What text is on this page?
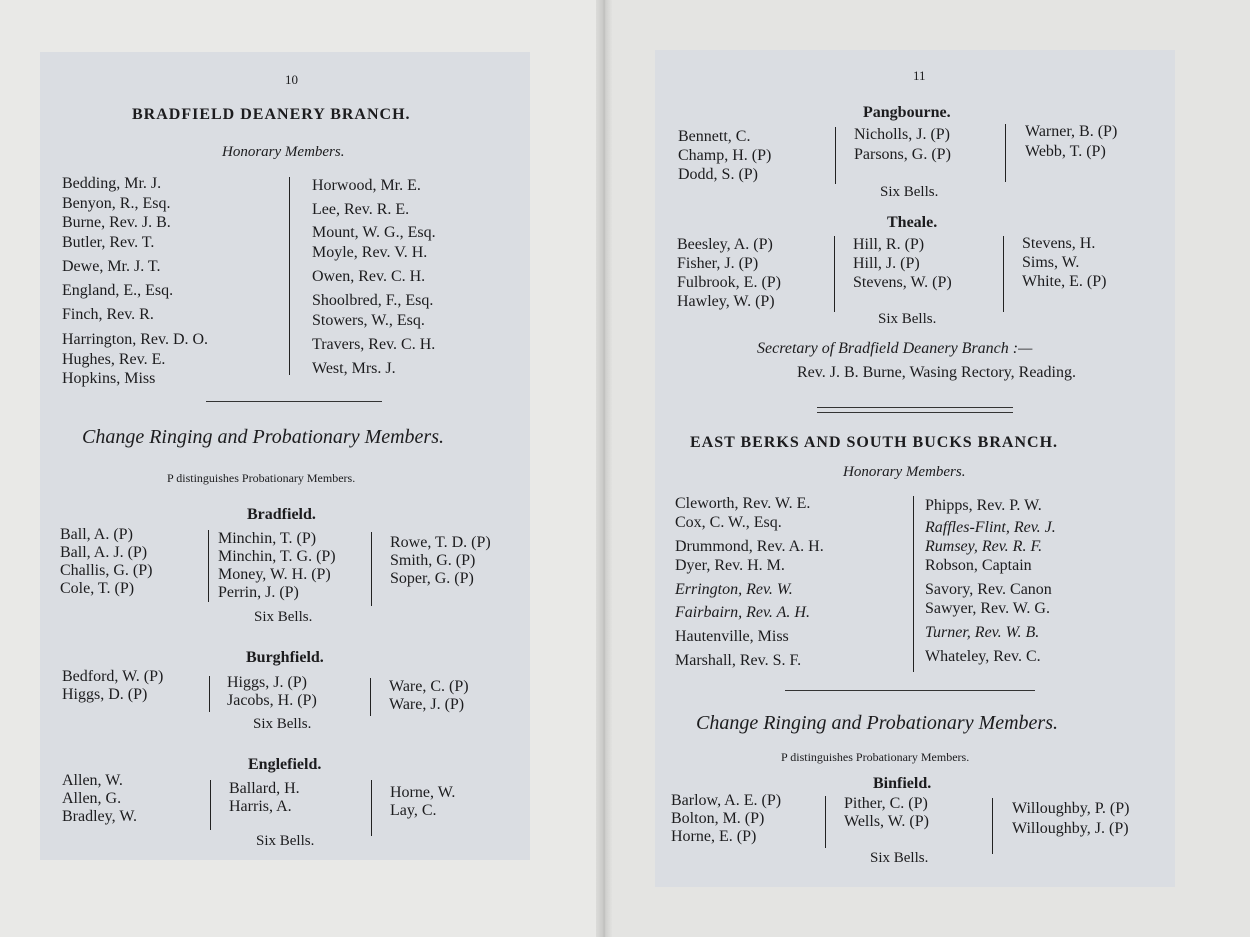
10
BRADFIELD DEANERY BRANCH.
Honorary Members.
Bedding, Mr. J.
Benyon, R., Esq.
Burne, Rev. J. B.
Butler, Rev. T.
Dewe, Mr. J. T.
England, E., Esq.
Finch, Rev. R.
Harrington, Rev. D. O.
Hughes, Rev. E.
Hopkins, Miss
Horwood, Mr. E.
Lee, Rev. R. E.
Mount, W. G., Esq.
Moyle, Rev. V. H.
Owen, Rev. C. H.
Shoolbred, F., Esq.
Stowers, W., Esq.
Travers, Rev. C. H.
West, Mrs. J.
Change Ringing and Probationary Members.
P distinguishes Probationary Members.
Bradfield.
Ball, A. (P)
Ball, A. J. (P)
Challis, G. (P)
Cole, T. (P)
Minchin, T. (P)
Minchin, T. G. (P)
Money, W. H. (P)
Perrin, J. (P)
Rowe, T. D. (P)
Smith, G. (P)
Soper, G. (P)
Six Bells.
Burghfield.
Bedford, W. (P)
Higgs, D. (P)
Higgs, J. (P)
Jacobs, H. (P)
Ware, C. (P)
Ware, J. (P)
Six Bells.
Englefield.
Allen, W.
Allen, G.
Bradley, W.
Ballard, H.
Harris, A.
Horne, W.
Lay, C.
Six Bells.
11
Pangbourne.
Bennett, C.
Champ, H. (P)
Dodd, S. (P)
Nicholls, J. (P)
Parsons, G. (P)
Warner, B. (P)
Webb, T. (P)
Six Bells.
Theale.
Beesley, A. (P)
Fisher, J. (P)
Fulbrook, E. (P)
Hawley, W. (P)
Hill, R. (P)
Hill, J. (P)
Stevens, W. (P)
Stevens, H.
Sims, W.
White, E. (P)
Six Bells.
Secretary of Bradfield Deanery Branch :—
Rev. J. B. Burne, Wasing Rectory, Reading.
EAST BERKS AND SOUTH BUCKS BRANCH.
Honorary Members.
Cleworth, Rev. W. E.
Cox, C. W., Esq.
Drummond, Rev. A. H.
Dyer, Rev. H. M.
Errington, Rev. W.
Fairbairn, Rev. A. H.
Hautenville, Miss
Marshall, Rev. S. F.
Phipps, Rev. P. W.
Raffles-Flint, Rev. J.
Rumsey, Rev. R. F.
Robson, Captain
Savory, Rev. Canon
Sawyer, Rev. W. G.
Turner, Rev. W. B.
Whateley, Rev. C.
Change Ringing and Probationary Members.
P distinguishes Probationary Members.
Binfield.
Barlow, A. E. (P)
Bolton, M. (P)
Horne, E. (P)
Pither, C. (P)
Wells, W. (P)
Willoughby, P. (P)
Willoughby, J. (P)
Six Bells.
